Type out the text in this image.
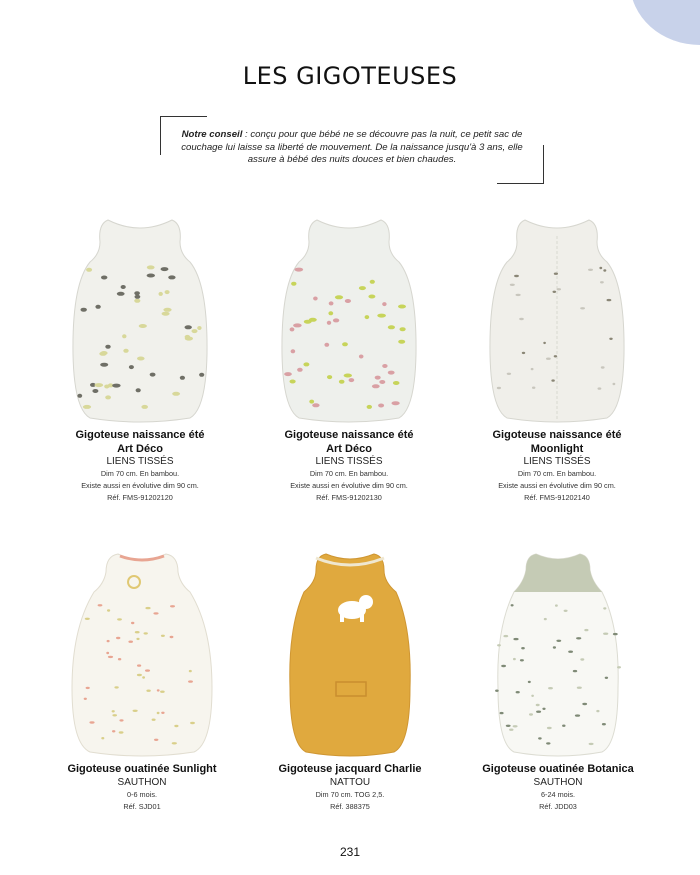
LES GIGOTEUSES
Notre conseil : conçu pour que bébé ne se découvre pas la nuit, ce petit sac de couchage lui laisse sa liberté de mouvement. De la naissance jusqu'à 3 ans, elle assure à bébé des nuits douces et bien chaudes.
Gigoteuse naissance été
Art Déco
LIENS TISSÉS
Dim 70 cm. En bambou.
Existe aussi en évolutive dim 90 cm.
Réf. FMS-91202120
Gigoteuse naissance été
Art Déco
LIENS TISSÉS
Dim 70 cm. En bambou.
Existe aussi en évolutive dim 90 cm.
Réf. FMS-91202130
Gigoteuse naissance été
Moonlight
LIENS TISSÉS
Dim 70 cm. En bambou.
Existe aussi en évolutive dim 90 cm.
Réf. FMS-91202140
Gigoteuse ouatinée Sunlight
SAUTHON
0-6 mois.
Réf. SJD01
Gigoteuse jacquard Charlie
NATTOU
Dim 70 cm. TOG 2,5.
Réf. 388375
Gigoteuse ouatinée Botanica
SAUTHON
6-24 mois.
Réf. JDD03
231
